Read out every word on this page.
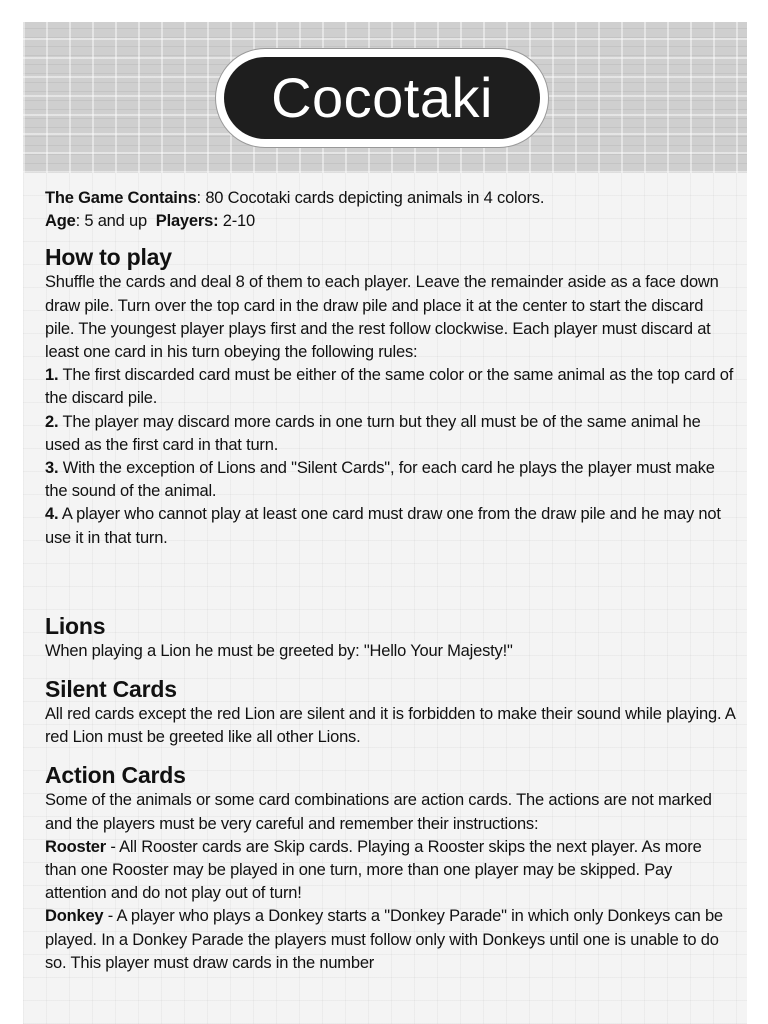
Cocotaki

The Game Contains: 80 Cocotaki cards depicting animals in 4 colors.

Age: 5 and up Players: 2-10

How to play

Shuffle the cards and deal 8 of them to each player. Leave the remainder aside as a face down draw pile. Turn over the top card in the draw pile and place it at the center to start the discard pile. The youngest player plays first and the rest follow clockwise. Each player must discard at least one card in his turn obeying the following rules:

1. The first discarded card must be either of the same color or the same animal as the top card of the discard pile.

2. The player may discard more cards in one turn but they all must be of the same animal he used as the first card in that turn.

3. With the exception of Lions and "Silent Cards", for each card he plays the player must make the sound of the animal.

4. A player who cannot play at least one card must draw one from the draw pile and he may not use it in that turn.

Lions

When playing a Lion he must be greeted by: "Hello Your Majesty!"

Silent Cards

All red cards except the red Lion are silent and it is forbidden to make their sound while playing. A red Lion must be greeted like all other Lions.

Action Cards

Some of the animals or some card combinations are action cards. The actions are not marked and the players must be very careful and remember their instructions:

Rooster - All Rooster cards are Skip cards. Playing a Rooster skips the next player. As more than one Rooster may be played in one turn, more than one player may be skipped. Pay attention and do not play out of turn!

Donkey - A player who plays a Donkey starts a "Donkey Parade" in which only Donkeys can be played. In a Donkey Parade the players must follow only with Donkeys until one is unable to do so. This player must draw cards in the number
